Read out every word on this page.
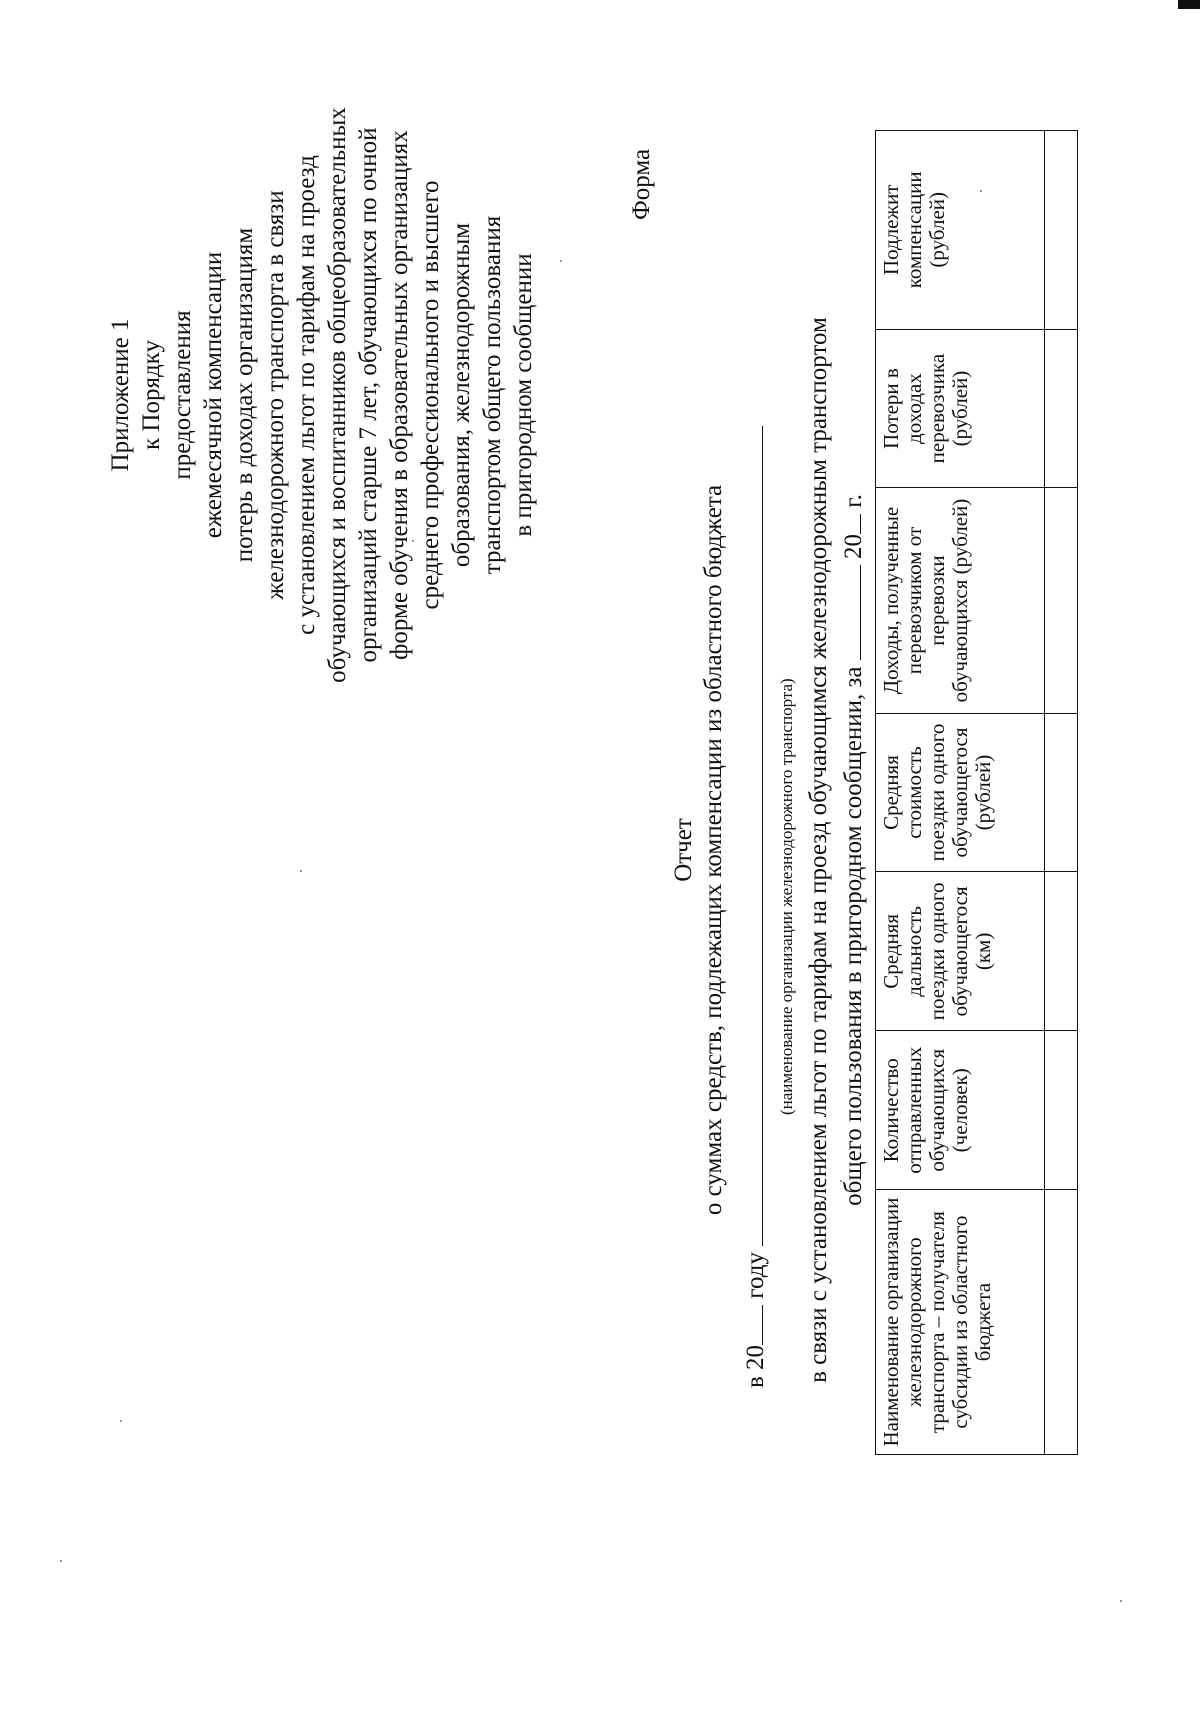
Приложение 1 к Порядку предоставления ежемесячной компенсации потерь в доходах организациям железнодорожного транспорта в связи с установлением льгот по тарифам на проезд обучающихся и воспитанников общеобразовательных организаций старше 7 лет, обучающихся по очной форме обучения в образовательных организациях среднего профессионального и высшего образования, железнодорожным транспортом общего пользования в пригородном сообщении
Форма
Отчет о суммах средств, подлежащих компенсации из областного бюджета
в 20 году
(наименование организации железнодорожного транспорта) в связи с установлением льгот по тарифам на проезд обучающимся железнодорожным транспортом общего пользования в пригородном сообщении, за  20 г.
Наименование организации железнодорожного транспорта – получателя субсидии из областного бюджета	Количество отправленных обучающихся (человек)	Средняя дальность поездки одного обучающегося (км)	Средняя стоимость поездки одного обучающегося (рублей)	Доходы, полученные перевозчиком от перевозки обучающихся (рублей)	Потери в доходах перевозчика (рублей)	Подлежит компенсации (рублей)
